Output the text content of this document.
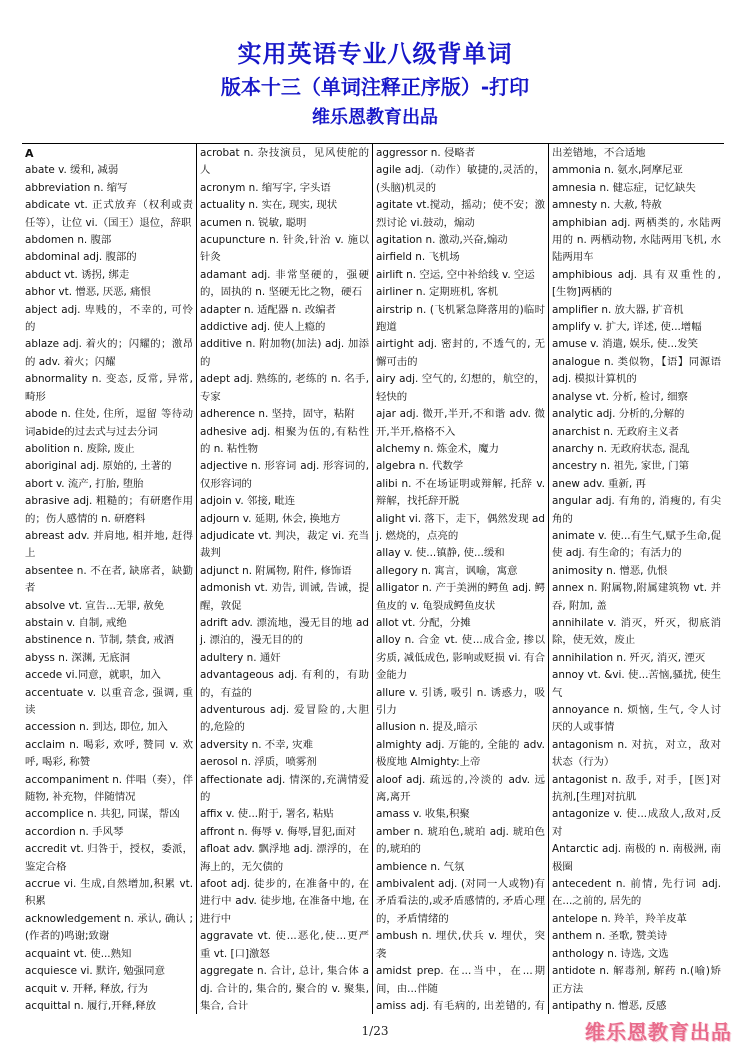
实用英语专业八级背单词
版本十三（单词注释正序版）-打印
维乐恩教育出品

A

abate v. 缓和, 减弱

abbreviation n. 缩写

abdicate vt. 正式放弃（权利或责任等），让位 vi.（国王）退位，辞职

abdomen n. 腹部

abdominal adj. 腹部的

abduct vt. 诱拐, 绑走

abhor vt. 憎恶, 厌恶, 痛恨

abject adj. 卑贱的，不幸的, 可怜的

ablaze adj. 着火的；闪耀的；激昂的 adv. 着火；闪耀

abnormality n. 变态, 反常, 异常, 畸形

abode n. 住处, 住所，逗留 等待动词abide的过去式与过去分词

abolition n. 废除, 废止

aboriginal adj. 原始的, 土著的

abort v. 流产, 打胎, 堕胎

abrasive adj. 粗糙的；有研磨作用的；伤人感情的 n. 研磨料

abreast adv. 并肩地, 相并地, 赶得上

absentee n. 不在者, 缺席者，缺勤者

absolve vt. 宣告...无罪, 赦免

abstain v. 自制, 戒绝

abstinence n. 节制, 禁食, 戒酒

abyss n. 深渊, 无底洞

accede vi.同意，就职，加入

accentuate v. 以重音念, 强调, 重读

accession n. 到达, 即位, 加入

acclaim n. 喝彩, 欢呼, 赞同 v. 欢呼, 喝彩, 称赞

accompaniment n. 伴唱（奏），伴随物, 补充物，伴随情况

accomplice n. 共犯, 同谋，帮凶

accordion n. 手风琴

accredit vt. 归咎于，授权，委派，鉴定合格

accrue vi. 生成,自然增加,积累 vt. 积累

acknowledgement n. 承认, 确认 ;(作者的)鸣谢;致谢

acquaint vt. 使...熟知

acquiesce vi. 默许, 勉强同意

acquit v. 开释, 释放, 行为

acquittal n. 履行,开释,释放

acrobat n. 杂技演员，见风使舵的人

acronym n. 缩写字, 字头语

actuality n. 实在, 现实, 现状

acumen n. 锐敏, 聪明

acupuncture n. 针灸,针治 v. 施以针灸

adamant adj. 非常坚硬的，强硬的，固执的 n. 坚硬无比之物，硬石

adapter n. 适配器 n. 改编者

addictive adj. 使人上瘾的

additive n. 附加物(加法) adj. 加添的

adept adj. 熟练的, 老练的 n. 名手, 专家

adherence n. 坚持，固守，粘附

adhesive adj. 相聚为伍的,有粘性的 n. 粘性物

adjective n. 形容词 adj. 形容词的,仅形容词的

adjoin v. 邻接, 毗连

adjourn v. 延期, 休会, 换地方

adjudicate vt. 判决，裁定 vi. 充当裁判

adjunct n. 附属物, 附件, 修饰语

admonish vt. 劝告, 训诫, 告诫，提醒，敦促

adrift adv. 漂流地，漫无目的地 adj. 漂泊的，漫无目的的

adultery n. 通奸

advantageous adj. 有利的，有助的，有益的

adventurous adj. 爱冒险的,大胆的,危险的

adversity n. 不幸, 灾难

aerosol n. 浮质，喷雾剂

affectionate adj. 情深的,充满情爱的

affix v. 使...附于, 署名, 粘贴

affront n. 侮辱 v. 侮辱,冒犯,面对

afloat adv. 飘浮地 adj. 漂浮的，在海上的，无欠债的

afoot adj. 徒步的, 在准备中的, 在进行中 adv. 徒步地, 在准备中地, 在进行中

aggravate vt. 使...恶化,使...更严重 vt. [口]激怒

aggregate n. 合计, 总计, 集合体 adj. 合计的, 集合的, 聚合的 v. 聚集, 集合, 合计

aggressor n. 侵略者

agile adj.（动作）敏捷的,灵活的，(头脑)机灵的

agitate vt.搅动，摇动；使不安；激烈讨论 vi.鼓动，煽动

agitation n. 激动,兴奋,煽动

airfield n. 飞机场

airlift n. 空运, 空中补给线 v. 空运

airliner n. 定期班机, 客机

airstrip n. (飞机紧急降落用的)临时跑道

airtight adj. 密封的, 不透气的, 无懈可击的

airy adj. 空气的, 幻想的，航空的，轻快的

ajar adj. 微开,半开,不和谐 adv. 微开,半开,格格不入

alchemy n. 炼金术，魔力

algebra n. 代数学

alibi n. 不在场证明或辩解, 托辞 v. 辩解，找托辞开脱

alight vi. 落下，走下，偶然发现 adj. 燃烧的，点亮的

allay v. 使...镇静, 使...缓和

allegory n. 寓言，讽喻，寓意

alligator n. 产于美洲的鳄鱼 adj. 鳄鱼皮的 v. 龟裂成鳄鱼皮状

allot vt. 分配，分摊

alloy n. 合金 vt. 使...成合金, 掺以劣质, 减低成色, 影响或贬损 vi. 有合金能力

allure v. 引诱, 吸引 n. 诱惑力，吸引力

allusion n. 提及,暗示

almighty adj. 万能的, 全能的 adv. 极度地 Almighty:上帝

aloof adj. 疏远的,冷淡的 adv. 远离,离开

amass v. 收集,积聚

amber n. 琥珀色,琥珀 adj. 琥珀色的,琥珀的

ambience n. 气氛

ambivalent adj. (对同一人或物)有矛盾看法的,或矛盾感情的, 矛盾心理的，矛盾情绪的

ambush n. 埋伏,伏兵 v. 埋伏，突袭

amidst prep. 在...当中，在...期间，由...伴随

amiss adj. 有毛病的, 出差错的, 有

出差错地，不合适地

ammonia n. 氨水,阿摩尼亚

amnesia n. 健忘症，记忆缺失

amnesty n. 大赦, 特赦

amphibian adj. 两栖类的, 水陆两用的 n. 两栖动物, 水陆两用飞机, 水陆两用车

amphibious adj. 具有双重性的, [生物]两栖的

amplifier n. 放大器, 扩音机

amplify v. 扩大, 详述, 使...增幅

amuse v. 消遣, 娱乐, 使...发笑

analogue n. 类似物，【语】同源语 adj. 模拟计算机的

analyse vt. 分析, 检讨, 细察

analytic adj. 分析的,分解的

anarchist n. 无政府主义者

anarchy n. 无政府状态, 混乱

ancestry n. 祖先, 家世, 门第

anew adv. 重新, 再

angular adj. 有角的, 消瘦的, 有尖角的

animate v. 使...有生气,赋予生命,促使 adj. 有生命的；有活力的

animosity n. 憎恶, 仇恨

annex n. 附属物,附属建筑物 vt. 并吞, 附加, 盖

annihilate v. 消灭，歼灭，彻底消除，使无效，废止

annihilation n. 歼灭, 消灭, 湮灭

annoy vt. &vi. 使...苦恼,骚扰, 使生气

annoyance n. 烦恼, 生气, 令人讨厌的人或事情

antagonism n. 对抗，对立，敌对状态（行为）

antagonist n. 敌手, 对手，[医]对抗剂,[生理]对抗肌

antagonize v. 使...成敌人,敌对,反对

Antarctic adj. 南极的 n. 南极洲, 南极圈

antecedent n. 前情, 先行词 adj. 在...之前的, 居先的

antelope n. 羚羊，羚羊皮革

anthem n. 圣歌, 赞美诗

anthology n. 诗选, 文选

antidote n. 解毒剂, 解药 n.(喻)矫正方法

antipathy n. 憎恶, 反感

1/23	维乐恩教育出品
